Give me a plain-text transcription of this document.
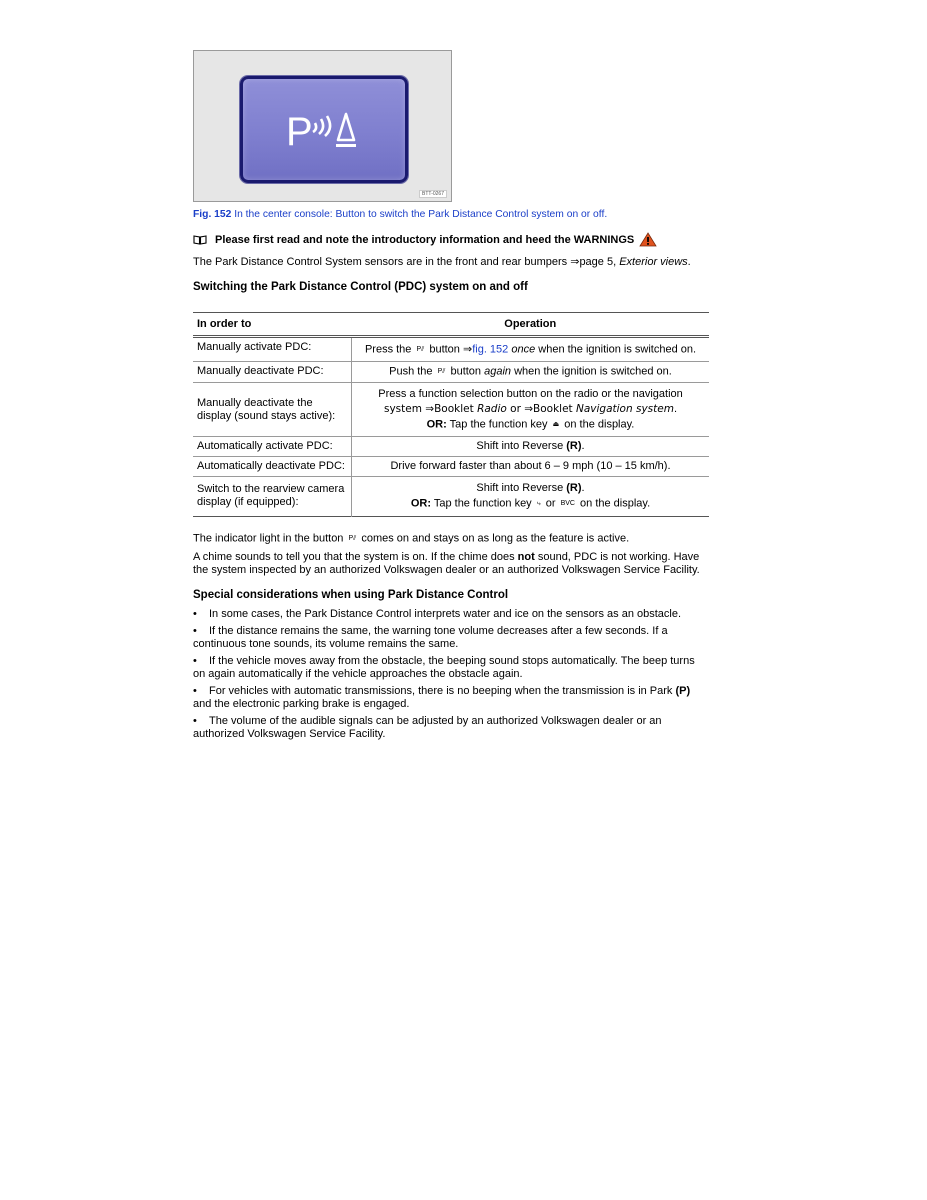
P
BTT-0267
Fig. 152 In the center console: Button to switch the Park Distance Control system on or off.
Please first read and note the introductory information and heed the WARNINGS

The Park Distance Control System sensors are in the front and rear bumpers ⇒page 5, Exterior views.

Switching the Park Distance Control (PDC) system on and off
In order to	Operation
Manually activate PDC:	Press the P⫽ button ⇒fig. 152 once when the ignition is switched on.

Manually deactivate PDC:	Push the P⫽ button again when the ignition is switched on.
Manually deactivate the display (sound stays active):	Press a function selection button on the radio or the navigation
system ⇒Booklet Radio or ⇒Booklet Navigation system.
OR: Tap the function key ⏏ on the display.

Automatically activate PDC:	Shift into Reverse (R).
Automatically deactivate PDC:	Drive forward faster than about 6 – 9 mph (10 – 15 km/h).
Switch to the rearview camera display (if equipped):	Shift into Reverse (R).
OR: Tap the function key ⤷ or BVC on the display.

The indicator light in the button P⫽ comes on and stays on as long as the feature is active.

A chime sounds to tell you that the system is on. If the chime does not sound, PDC is not working. Have the system inspected by an authorized Volkswagen dealer or an authorized Volkswagen Service Facility.

Special considerations when using Park Distance Control
• In some cases, the Park Distance Control interprets water and ice on the sensors as an obstacle.
• If the distance remains the same, the warning tone volume decreases after a few seconds. If a continuous tone sounds, its volume remains the same.
• If the vehicle moves away from the obstacle, the beeping sound stops automatically. The beep turns on again automatically if the vehicle approaches the obstacle again.
• For vehicles with automatic transmissions, there is no beeping when the transmission is in Park (P) and the electronic parking brake is engaged.
• The volume of the audible signals can be adjusted by an authorized Volkswagen dealer or an authorized Volkswagen Service Facility.
